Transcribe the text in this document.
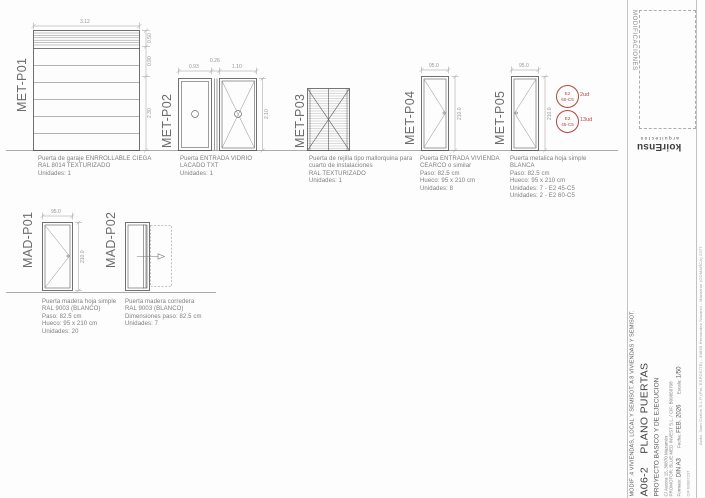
MET-P01
MET-P02	MET-P03	MET-P04	MET-P05
MAD-P01	MAD-P02
3.12
0.50
0.90
2.30
0.93
0.26
1.10
2.10
95.0
210.0
95.0
210.0
95.0
210.0
Puerta de garaje ENRROLLABLE CIEGA
RAL 8014 TEXTURIZADO
Unidades: 1
Puerta ENTRADA VIDRIO
LACADO TXT
Unidades: 1
Puerta de rejilla tipo mallorquina para
cuarto de instalaciones
RAL TEXTURIZADO
Unidades: 1
Puerta ENTRADA VIVIENDA
CEARCO o similar
Paso: 82.5 cm
Hueco: 95 x 210 cm
Unidades: 8
Puerta metalica hoja simple
BLANCA
Paso: 82.5 cm
Hueco: 95 x 210 cm
Unidades: 7 - E2 45-C5
Unidades: 2 - E2 60-C5
Puerta madera hoja simple
RAL 9003 (BLANCO)
Paso: 82.5 cm
Hueco: 95 x 210 cm
Unidades: 20
Puerta madera corredera
RAL 9003 (BLANCO)
Dimensiones paso: 82.5 cm
Unidades: 7
E2
60-C5
2ud
E2
45-C5
13ud
MODIFICACIONES
koirEnsu
arquitectos
Avda. Juan Carlos S.L.P (Pol. ESPOSITE) - 30860 Hernandez Navarro - Mazarron (COMARCA) 2377
MODIF .4 VIVIENDAS, LOCAL Y SEMISOT. A 8 VIVIENDAS Y SEMISOT. A06-2 PLANO PUERTAS PROYECTO BASICO Y DE EJECUCION C/ Aurora 15, 30870 Mazarrón PROMOTOR: BLUE MED INVEST S.L. / CIF: B09858708 Formato: DIN A3 Fecha: FEB. 2026 Escala: 1/50
CIF B0907237
